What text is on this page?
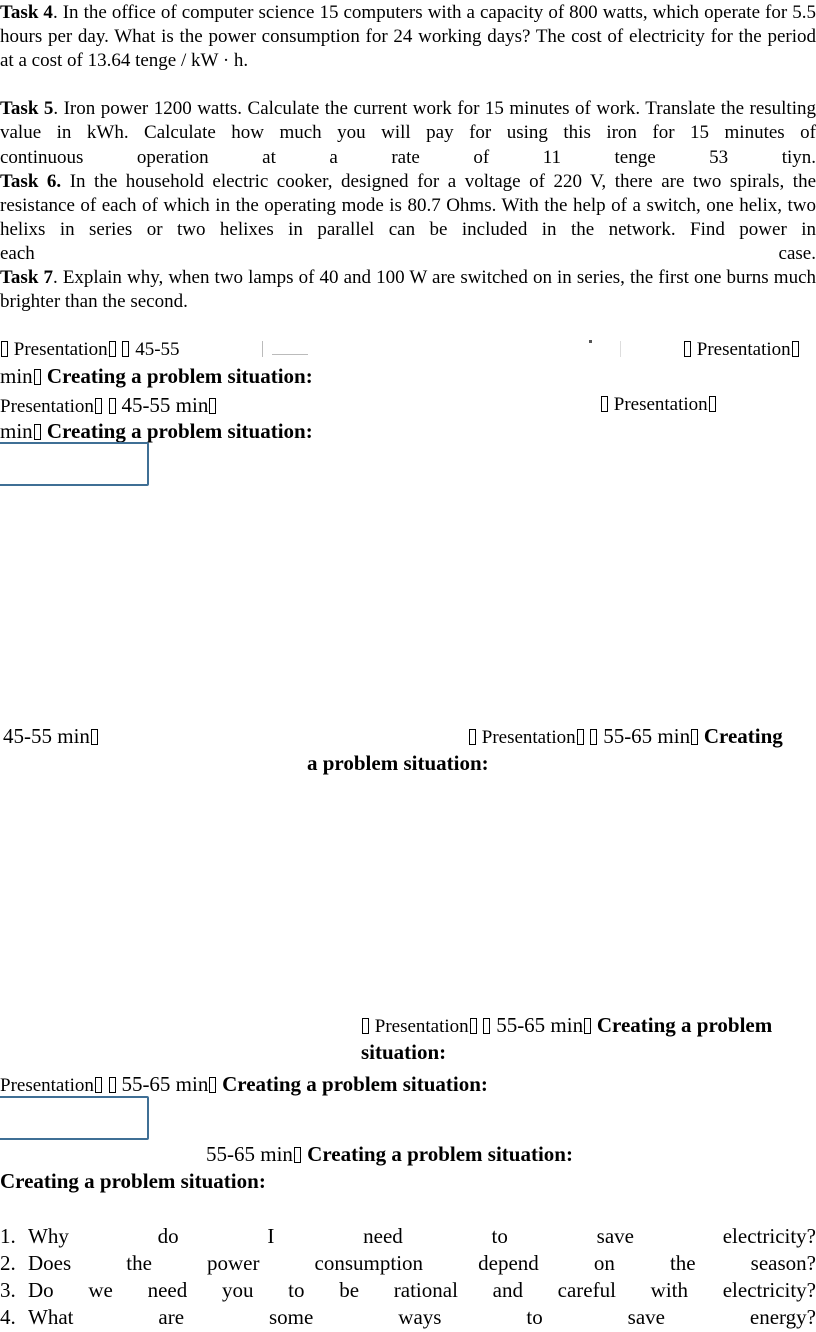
Task 4. In the office of computer science 15 computers with a capacity of 800 watts, which operate for 5.5 hours per day. What is the power consumption for 24 working days? The cost of electricity for the period at a cost of 13.64 tenge / kW · h.
Task 5. Iron power 1200 watts. Calculate the current work for 15 minutes of work. Translate the resulting value in kWh. Calculate how much you will pay for using this iron for 15 minutes of
continuous operation at a rate of 11 tenge 53 tiyn.
Task 6. In the household electric cooker, designed for a voltage of 220 V, there are two spirals, the resistance of each of which in the operating mode is 80.7 Ohms. With the help of a switch, one helix, two helixs in series or two helixes in parallel can be included in the network. Find power in
each case.
Task 7. Explain why, when two lamps of 40 and 100 W are switched on in series, the first one burns much brighter than the second.
Presentation 45-55	Presentation
min Creating a problem situation:
Presentation 45-55 min	Presentation
min Creating a problem situation:
45-55 min	Presentation 55-65 min Creating
a problem situation:
Presentation 55-65 min Creating a problem
situation:
Presentation 55-65 min Creating a problem situation:
55-65 min Creating a problem situation:
Creating a problem situation:
1. Why do I need to save electricity?
2. Does the power consumption depend on the season?
3. Do we need you to be rational and careful with electricity?
4. What are some ways to save energy?
